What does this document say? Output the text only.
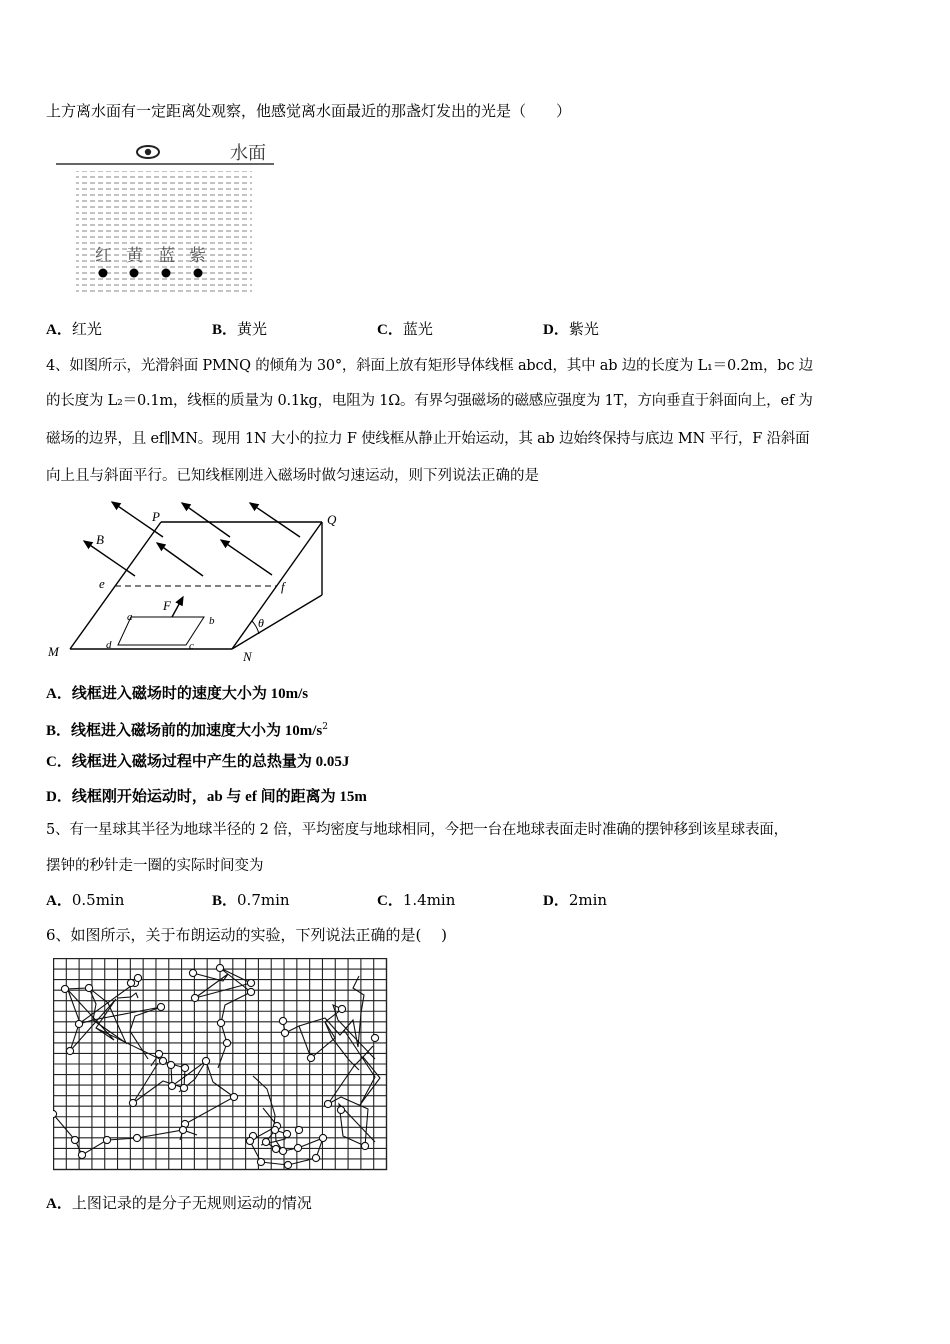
上方离水面有一定距离处观察，他感觉离水面最近的那盏灯发出的光是（　　）
水面
红 黄 蓝 紫
A．红光	B．黄光	C．蓝光	D．紫光
4、如图所示，光滑斜面 PMNQ 的倾角为 30°，斜面上放有矩形导体线框 abcd，其中 ab 边的长度为 L₁＝0.2m，bc 边
的长度为 L₂＝0.1m，线框的质量为 0.1kg，电阻为 1Ω。有界匀强磁场的磁感应强度为 1T，方向垂直于斜面向上，ef 为
磁场的边界，且 ef∥MN。现用 1N 大小的拉力 F 使线框从静止开始运动，其 ab 边始终保持与底边 MN 平行，F 沿斜面
向上且与斜面平行。已知线框刚进入磁场时做匀速运动，则下列说法正确的是
P	Q
M	N
e	f
a	b
c
d
F
B
θ
A．线框进入磁场时的速度大小为 10m/s
B．线框进入磁场前的加速度大小为 $10m/s^2$
C．线框进入磁场过程中产生的总热量为 0.05J
D．线框刚开始运动时，ab 与 ef 间的距离为 15m
5、有一星球其半径为地球半径的 2 倍，平均密度与地球相同，今把一台在地球表面走时准确的摆钟移到该星球表面，
摆钟的秒针走一圈的实际时间变为
A．0.5min	B．0.7min	C．1.4min	D．2min
6、如图所示，关于布朗运动的实验，下列说法正确的是(　 )
A．上图记录的是分子无规则运动的情况
